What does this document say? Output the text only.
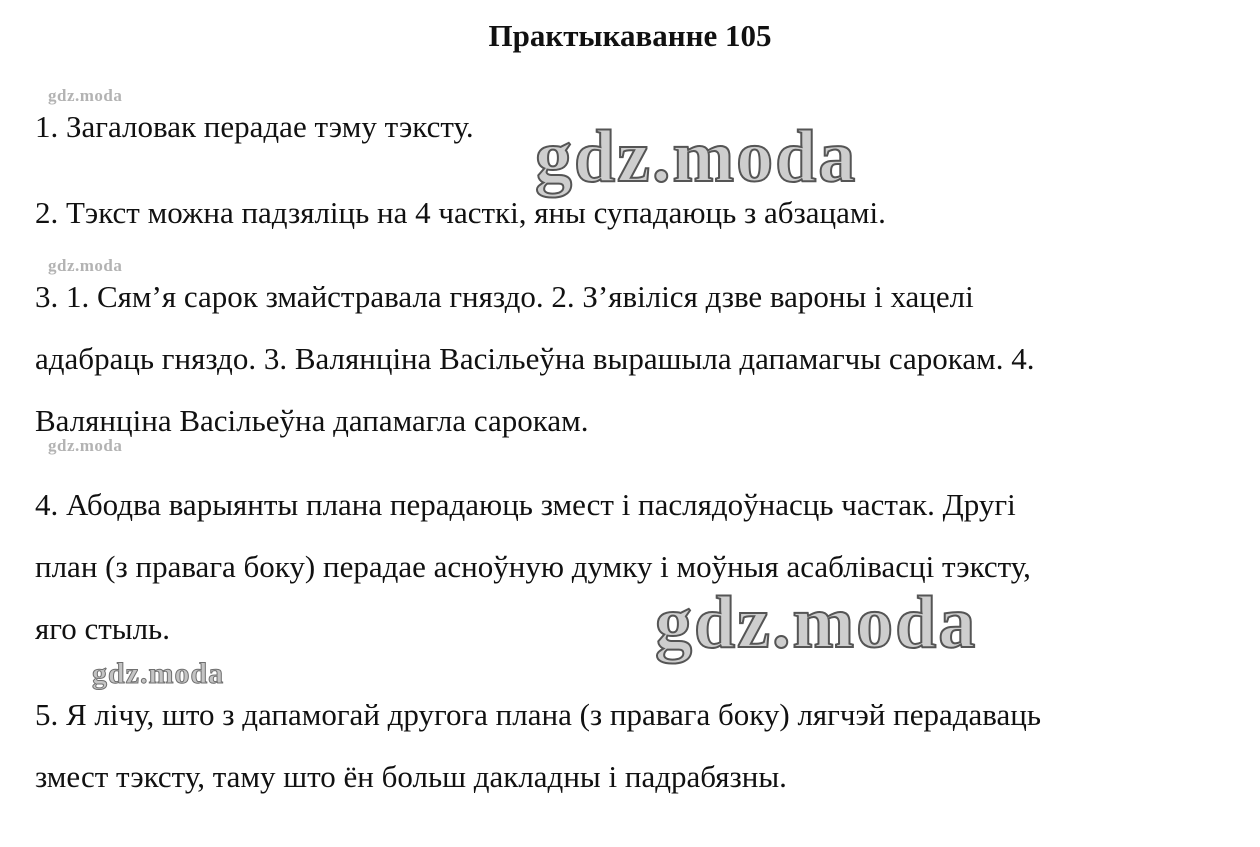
Практыкаванне 105
gdz.moda

1. Загаловак перадае тэму тэксту. gdz.moda

2. Тэкст можна падзяліць на 4 часткі, яны супадаюць з абзацамі.

gdz.moda

3. 1. Сям’я сарок змайстравала гняздо. 2. З’явіліся дзве вароны і хацелі
адабраць гняздо. 3. Валянціна Васільеўна вырашыла дапамагчы сарокам. 4.
Валянціна Васільеўна дапамагла сарокам.

gdz.moda

4. Абодва варыянты плана перадаюць змест і паслядоўнасць частак. Другі
план (з правага боку) перадае асноўную думку і моўныя асаблівасці тэксту,
яго стыль.	gdz.moda
gdz.moda

5. Я лічу, што з дапамогай другога плана (з правага боку) лягчэй перадаваць
змест тэксту, таму што ён больш дакладны і падрабязны.
